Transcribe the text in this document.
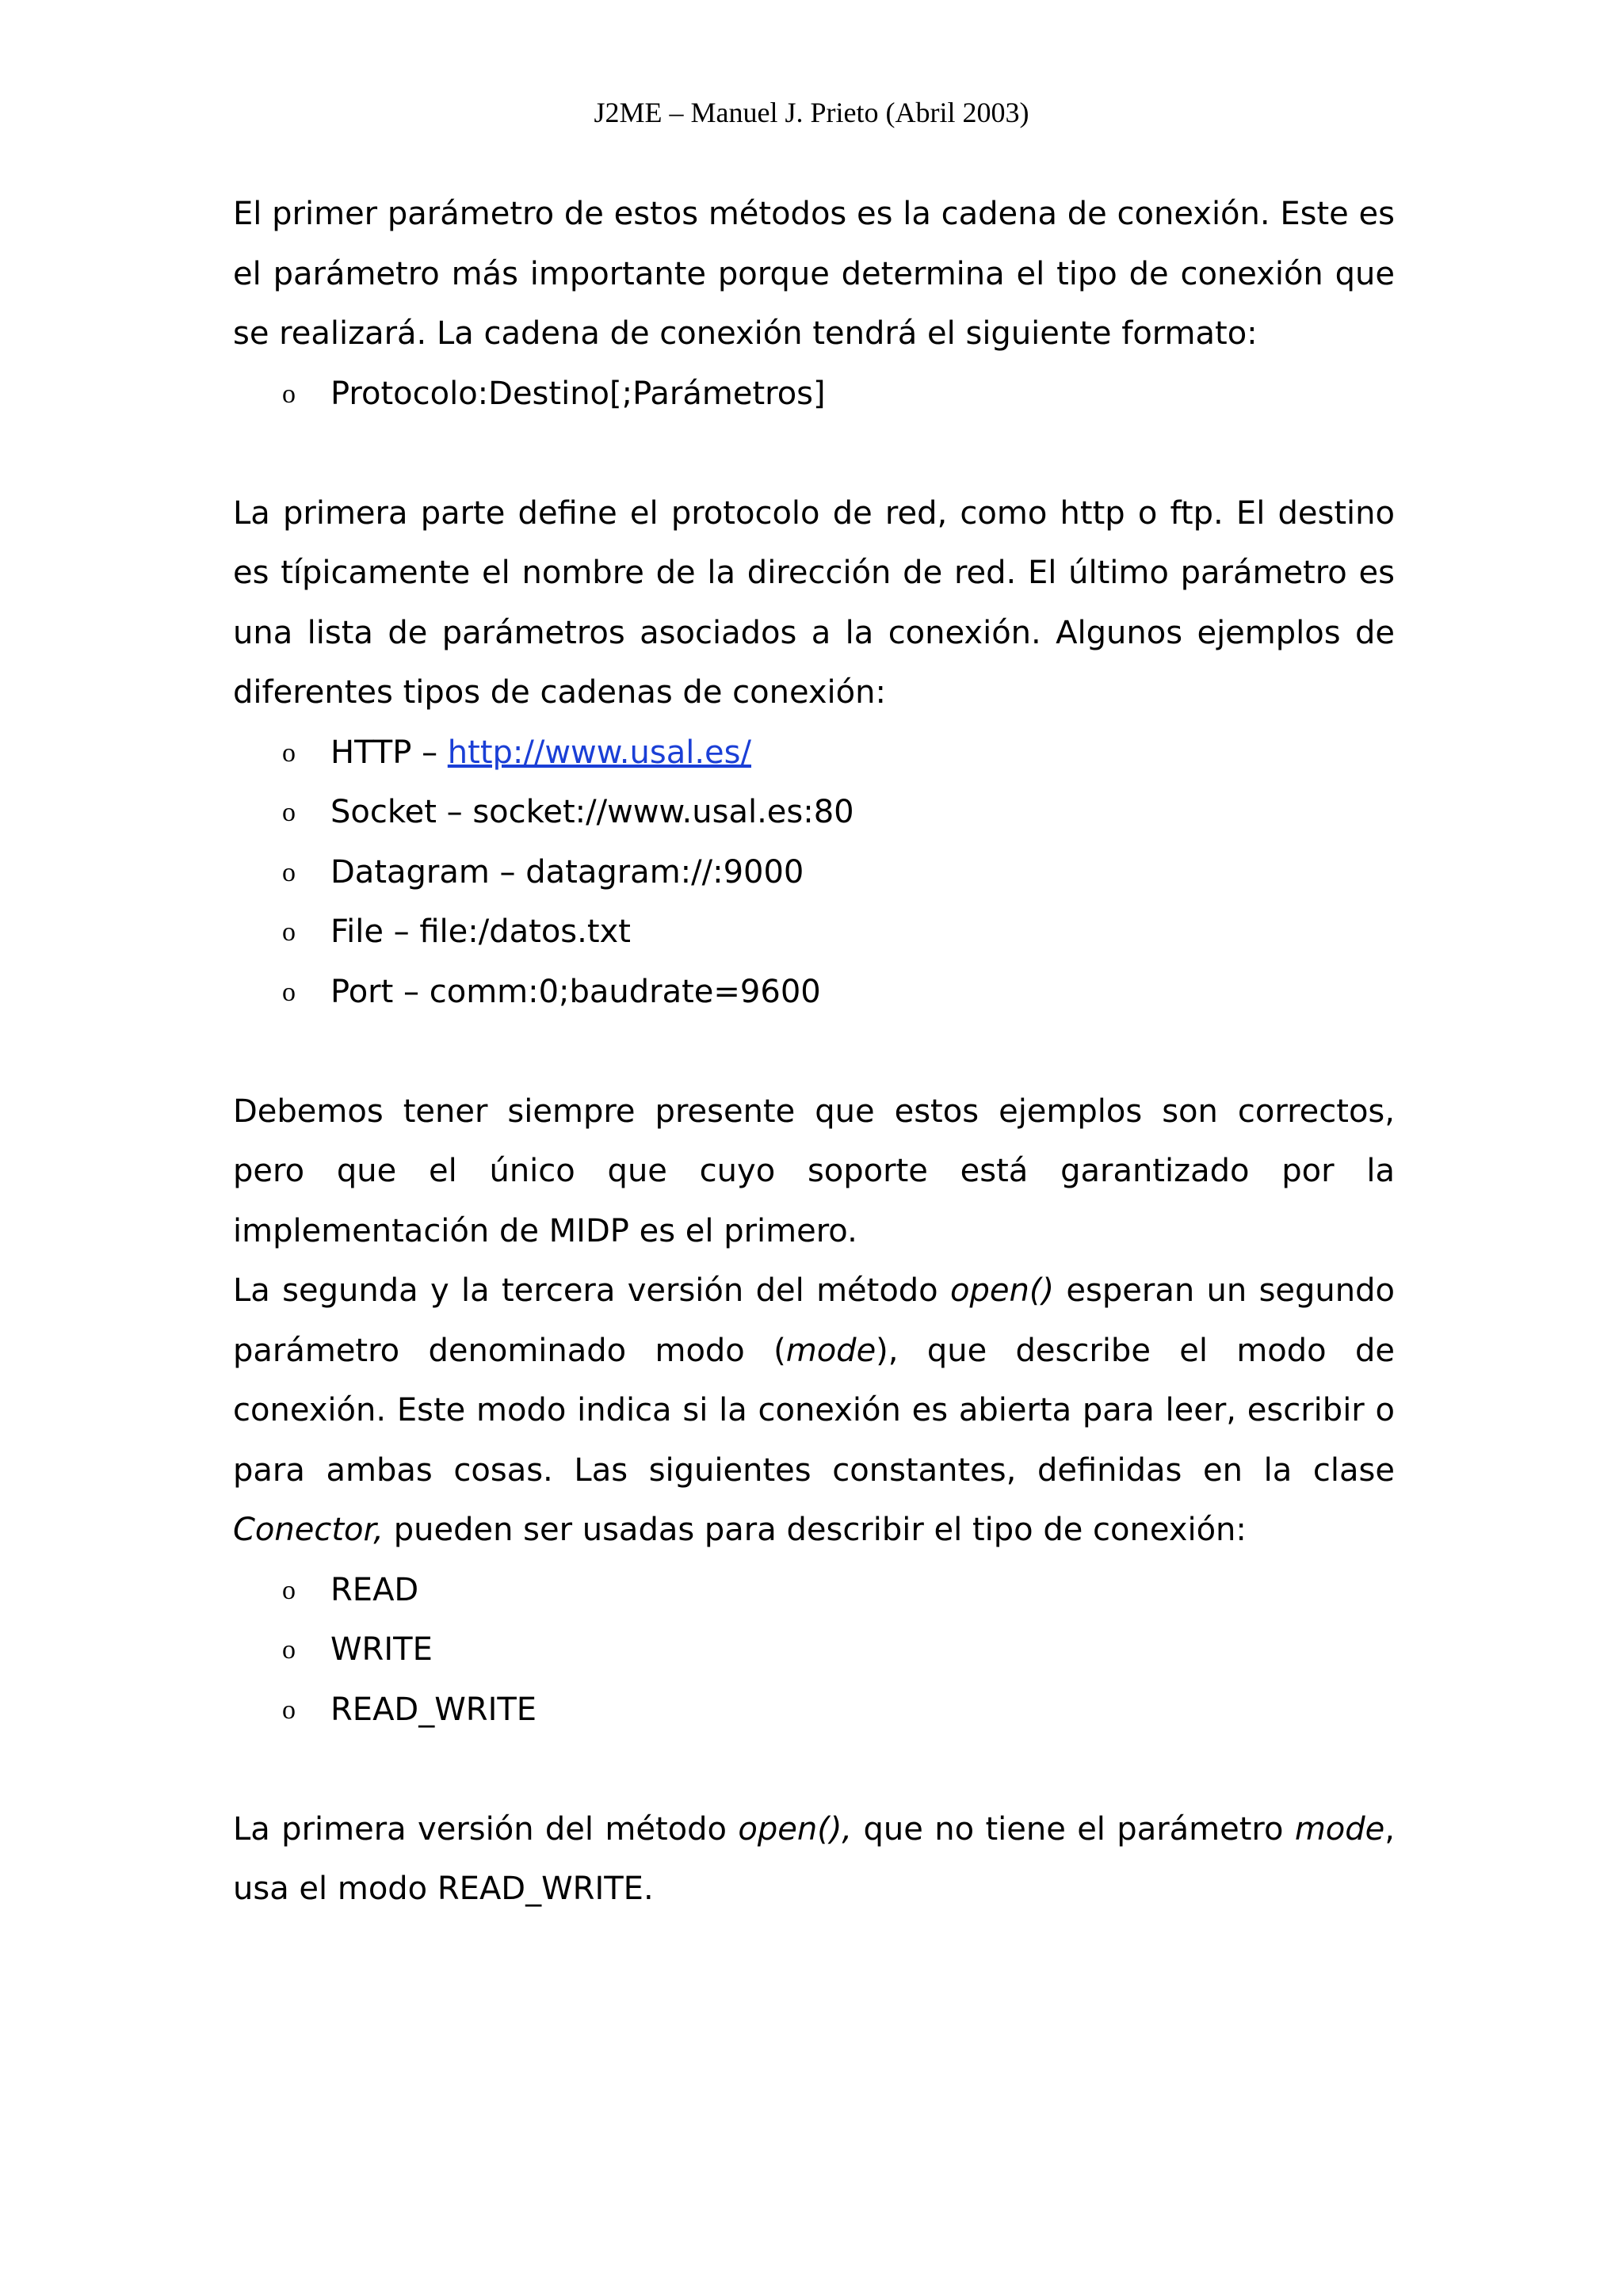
J2ME – Manuel J. Prieto (Abril 2003)

El primer parámetro de estos métodos es la cadena de conexión. Este es el parámetro más importante porque determina el tipo de conexión que se realizará. La cadena de conexión tendrá el siguiente formato:

o Protocolo:Destino[;Parámetros]

La primera parte define el protocolo de red, como http o ftp. El destino es típicamente el nombre de la dirección de red. El último parámetro es una lista de parámetros asociados a la conexión. Algunos ejemplos de diferentes tipos de cadenas de conexión:

o HTTP – http://www.usal.es/
o Socket – socket://www.usal.es:80
o Datagram – datagram://:9000
o File – file:/datos.txt
o Port – comm:0;baudrate=9600

Debemos tener siempre presente que estos ejemplos son correctos, pero que el único que cuyo soporte está garantizado por la implementación de MIDP es el primero.

La segunda y la tercera versión del método open() esperan un segundo parámetro denominado modo (mode), que describe el modo de conexión. Este modo indica si la conexión es abierta para leer, escribir o para ambas cosas. Las siguientes constantes, definidas en la clase Conector, pueden ser usadas para describir el tipo de conexión:

o READ
o WRITE
o READ_WRITE

La primera versión del método open(), que no tiene el parámetro mode, usa el modo READ_WRITE.
